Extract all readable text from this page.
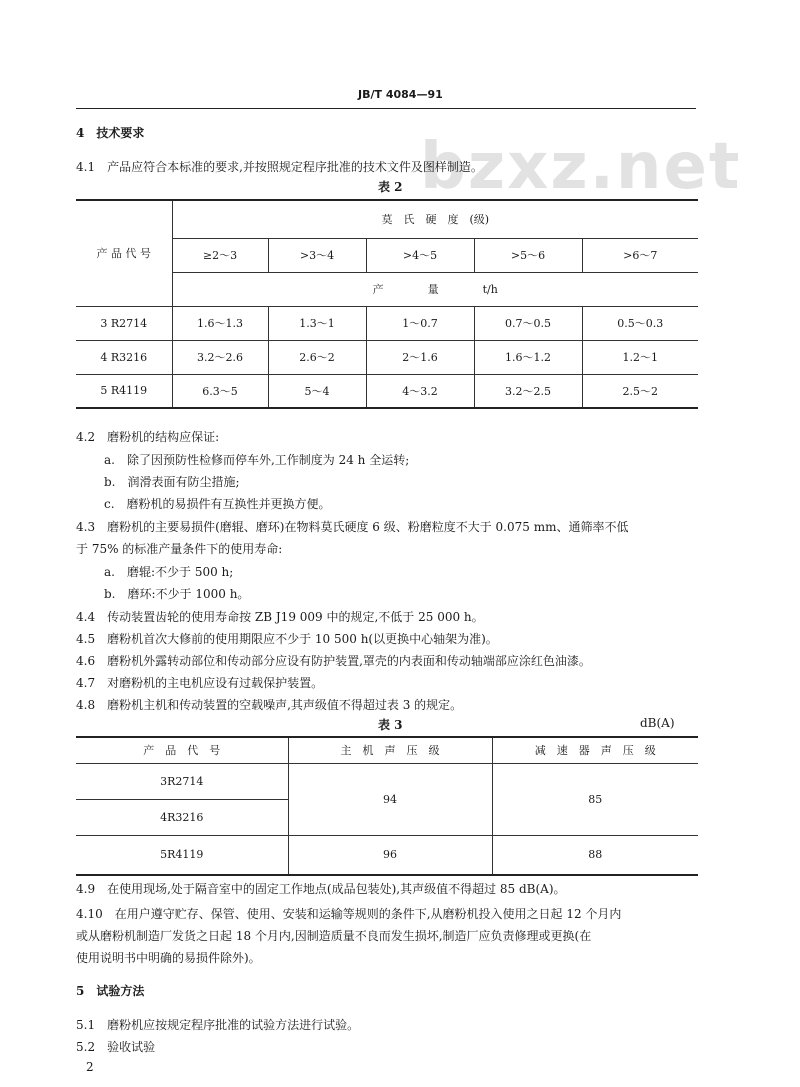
bzxz.net
JB/T 4084—91
4　技术要求
4.1　产品应符合本标准的要求,并按照规定程序批准的技术文件及图样制造。
表 2
产 品 代 号	莫　氏　硬　度　(级)				
	≥2～3	>3～4	>4～5	>5～6	>6～7
	产　　　　量　　　　t/h				
3 R2714	1.6～1.3	1.3～1	1～0.7	0.7～0.5	0.5～0.3
4 R3216	3.2～2.6	2.6～2	2～1.6	1.6～1.2	1.2～1
5 R4119	6.3～5	5～4	4～3.2	3.2～2.5	2.5～2
4.2　磨粉机的结构应保证:
a.　除了因预防性检修而停车外,工作制度为 24 h 全运转;
b.　润滑表面有防尘措施;
c.　磨粉机的易损件有互换性并更换方便。
4.3　磨粉机的主要易损件(磨辊、磨环)在物料莫氏硬度 6 级、粉磨粒度不大于 0.075 mm、通筛率不低
于 75% 的标准产量条件下的使用寿命:
a.　磨辊:不少于 500 h;
b.　磨环:不少于 1000 h。
4.4　传动装置齿轮的使用寿命按 ZB J19 009 中的规定,不低于 25 000 h。
4.5　磨粉机首次大修前的使用期限应不少于 10 500 h(以更换中心轴架为准)。
4.6　磨粉机外露转动部位和传动部分应设有防护装置,罩壳的内表面和传动轴端部应涂红色油漆。
4.7　对磨粉机的主电机应设有过载保护装置。
4.8　磨粉机主机和传动装置的空载噪声,其声级值不得超过表 3 的规定。
表 3	dB(A)
产　品　代　号	主　机　声　压　级	减　速　器　声　压　级
3R2714	94	85
4R3216		
5R4119	96	88
4.9　在使用现场,处于隔音室中的固定工作地点(成品包装处),其声级值不得超过 85 dB(A)。
4.10　在用户遵守贮存、保管、使用、安装和运输等规则的条件下,从磨粉机投入使用之日起 12 个月内
或从磨粉机制造厂发货之日起 18 个月内,因制造质量不良而发生损坏,制造厂应负责修理或更换(在
使用说明书中明确的易损件除外)。
5　试验方法
5.1　磨粉机应按规定程序批准的试验方法进行试验。
5.2　验收试验
2
